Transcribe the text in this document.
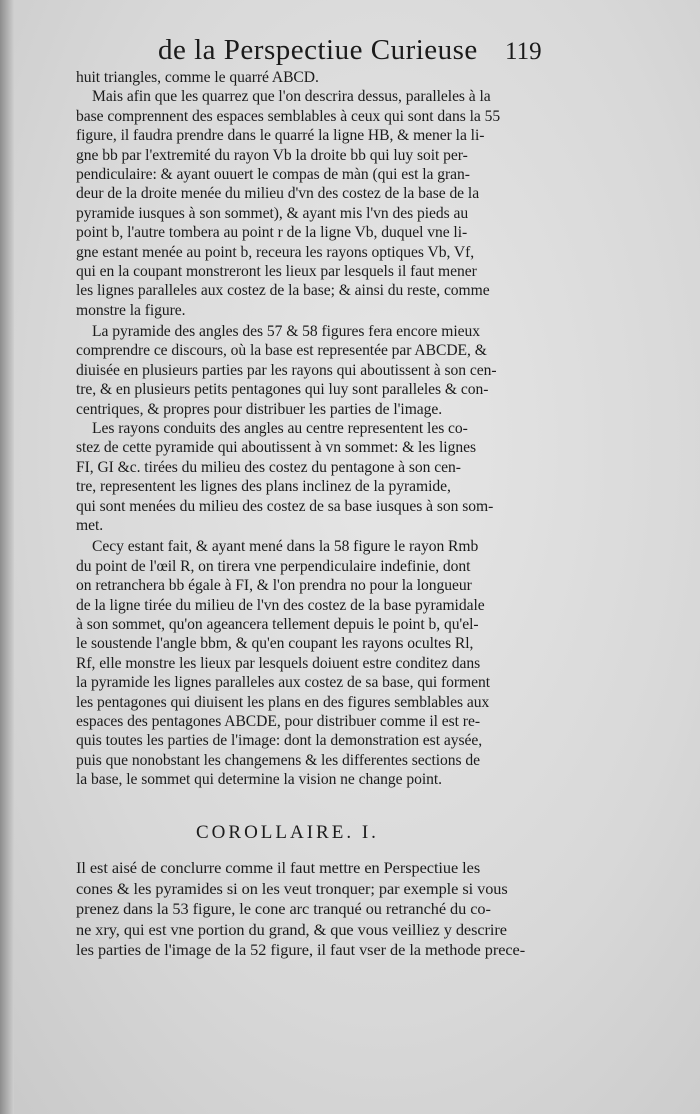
de la Perspectiue Curieuse 119
huit triangles, comme le quarré ABCD.
Mais afin que les quarrez que l'on descrira dessus, paralleles à la
base comprennent des espaces semblables à ceux qui sont dans la 55
figure, il faudra prendre dans le quarré la ligne HB, & mener la li-
gne bb par l'extremité du rayon Vb la droite bb qui luy soit per-
pendiculaire: & ayant ouuert le compas de màn (qui est la gran-
deur de la droite menée du milieu d'vn des costez de la base de la
pyramide iusques à son sommet), & ayant mis l'vn des pieds au
point b, l'autre tombera au point r de la ligne Vb, duquel vne li-
gne estant menée au point b, receura les rayons optiques Vb, Vf,
qui en la coupant monstreront les lieux par lesquels il faut mener
les lignes paralleles aux costez de la base; & ainsi du reste, comme
monstre la figure.
La pyramide des angles des 57 & 58 figures fera encore mieux
comprendre ce discours, où la base est representée par ABCDE, &
diuisée en plusieurs parties par les rayons qui aboutissent à son cen-
tre, & en plusieurs petits pentagones qui luy sont paralleles & con-
centriques, & propres pour distribuer les parties de l'image.
Les rayons conduits des angles au centre representent les co-
stez de cette pyramide qui aboutissent à vn sommet: & les lignes
FI, GI &c. tirées du milieu des costez du pentagone à son cen-
tre, representent les lignes des plans inclinez de la pyramide,
qui sont menées du milieu des costez de sa base iusques à son som-
met.
Cecy estant fait, & ayant mené dans la 58 figure le rayon Rmb
du point de l'œil R, on tirera vne perpendiculaire indefinie, dont
on retranchera bb égale à FI, & l'on prendra no pour la longueur
de la ligne tirée du milieu de l'vn des costez de la base pyramidale
à son sommet, qu'on ageancera tellement depuis le point b, qu'el-
le soustende l'angle bbm, & qu'en coupant les rayons ocultes Rl,
Rf, elle monstre les lieux par lesquels doiuent estre conditez dans
la pyramide les lignes paralleles aux costez de sa base, qui forment
les pentagones qui diuisent les plans en des figures semblables aux
espaces des pentagones ABCDE, pour distribuer comme il est re-
quis toutes les parties de l'image: dont la demonstration est aysée,
puis que nonobstant les changemens & les differentes sections de
la base, le sommet qui determine la vision ne change point.
COROLLAIRE. I.
Il est aisé de conclurre comme il faut mettre en Perspectiue les
cones & les pyramides si on les veut tronquer; par exemple si vous
prenez dans la 53 figure, le cone arc tranqué ou retranché du co-
ne xry, qui est vne portion du grand, & que vous veilliez y descrire
les parties de l'image de la 52 figure, il faut vser de la methode prece-
